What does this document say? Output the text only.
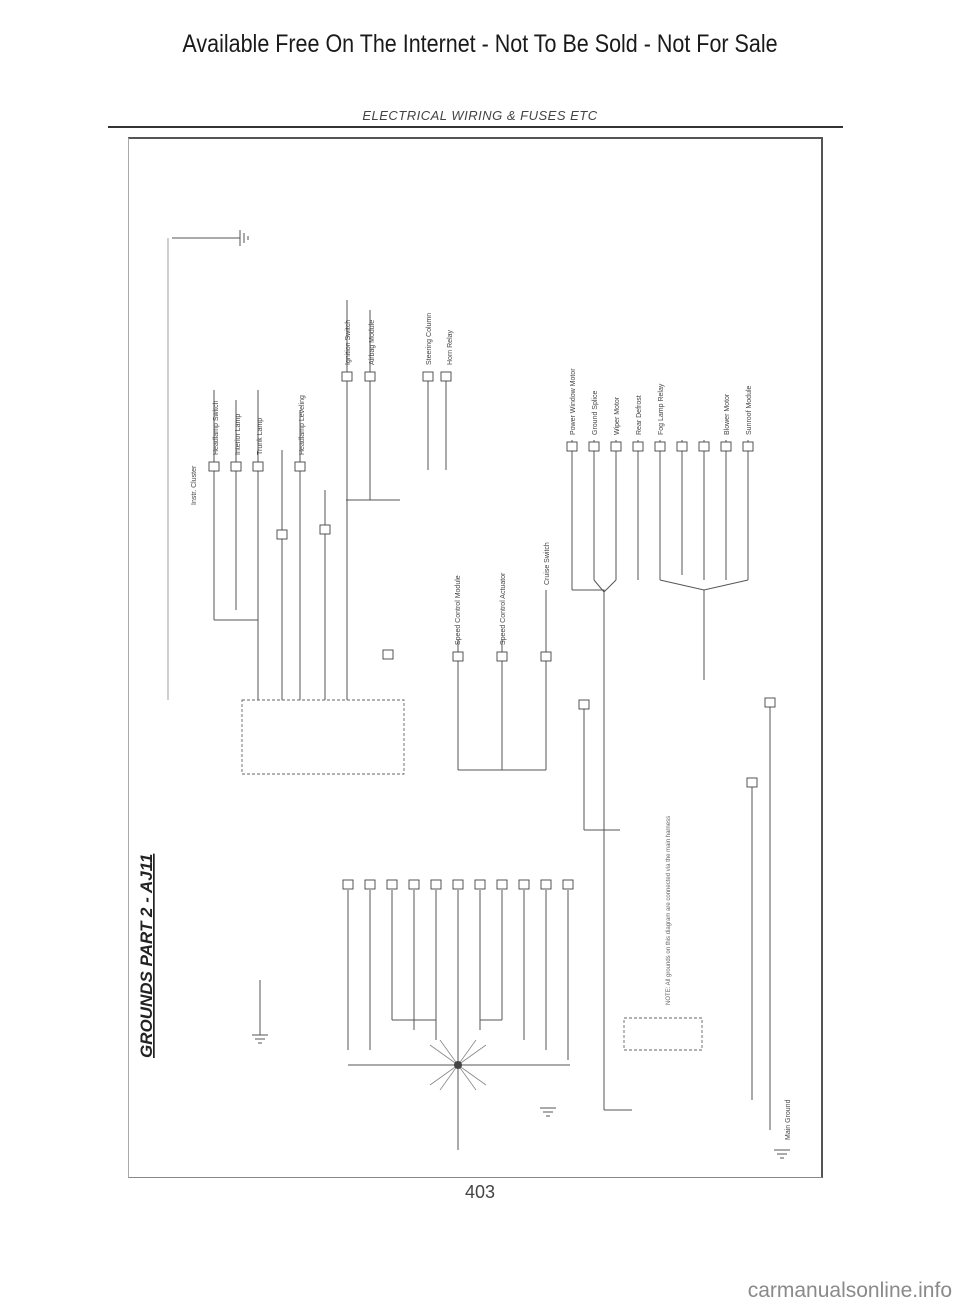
Available Free On The Internet - Not To Be Sold - Not For Sale
ELECTRICAL WIRING & FUSES ETC
GROUNDS PART 2 - AJ11
Instr. Cluster
Headlamp Switch Interior Lamp Trunk Lamp	Headlamp Leveling
Ignition Switch Airbag Module	Steering Column Horn Relay
Speed Control Module	Speed Control Actuator
Cruise Switch
Power Window Motor Ground Splice Wiper Motor Rear Defrost Fog Lamp Relay	Blower Motor Sunroof Module
NOTE: All grounds on this diagram are connected via the main harness
Main Ground
403
carmanualsonline.info
